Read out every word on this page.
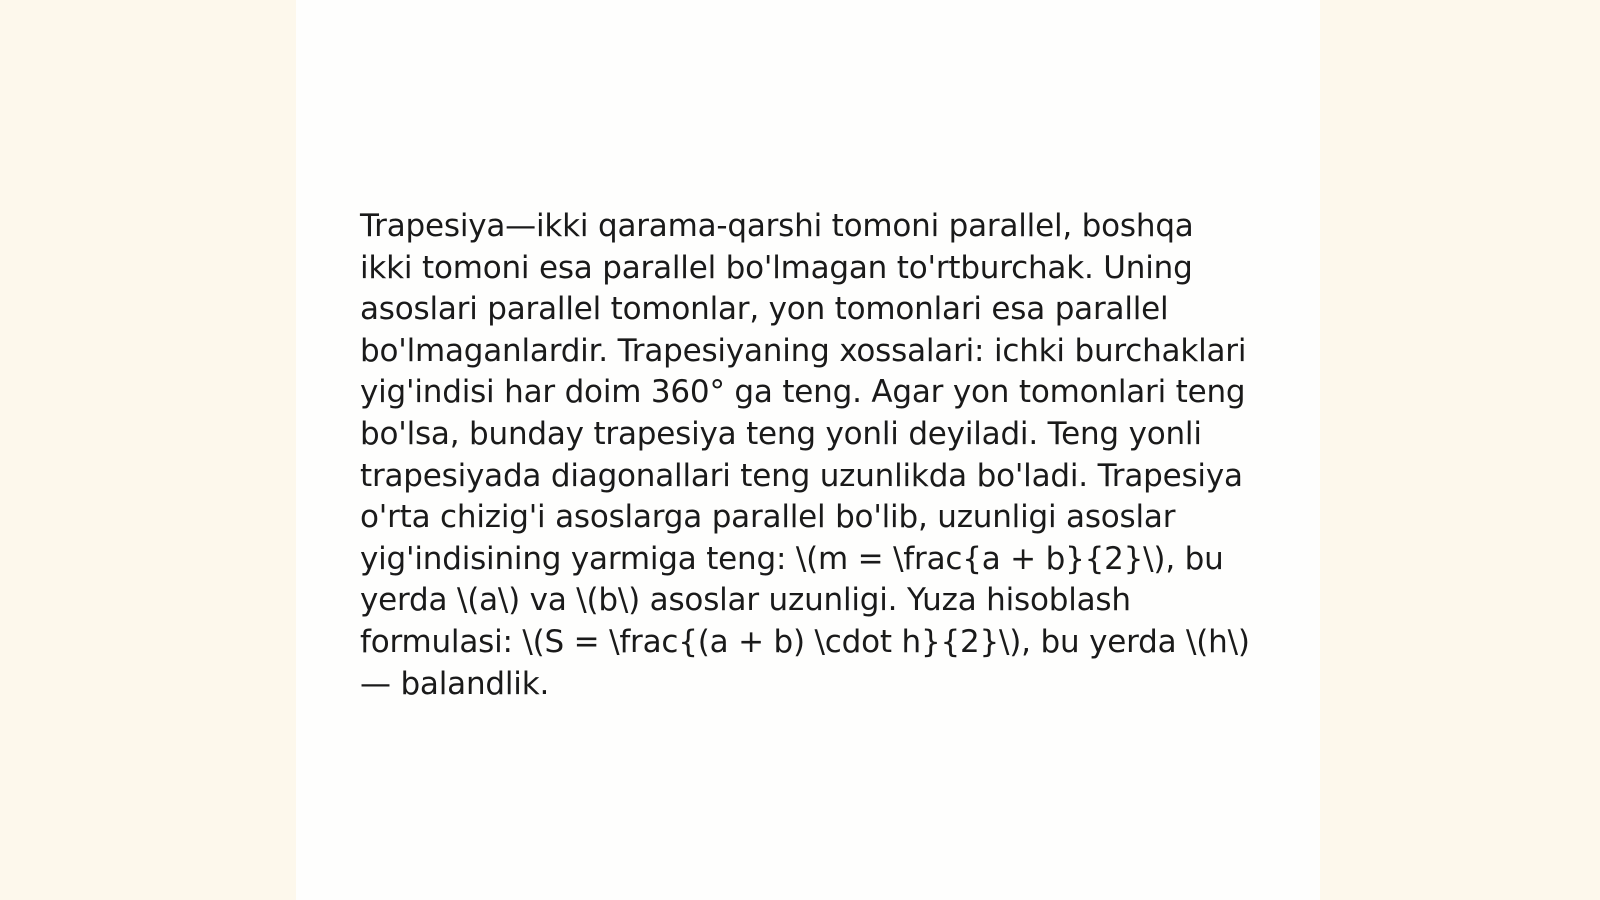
Trapesiya—ikki qarama-qarshi tomoni parallel, boshqa ikki tomoni esa parallel bo'lmagan to'rtburchak. Uning asoslari parallel tomonlar, yon tomonlari esa parallel bo'lmaganlardir. Trapesiyaning xossalari: ichki burchaklari yig'indisi har doim 360° ga teng. Agar yon tomonlari teng bo'lsa, bunday trapesiya teng yonli deyiladi. Teng yonli trapesiyada diagonallari teng uzunlikda bo'ladi. Trapesiya o'rta chizig'i asoslarga parallel bo'lib, uzunligi asoslar yig'indisining yarmiga teng: \(m = \frac{a + b}{2}\), bu yerda \(a\) va \(b\) asoslar uzunligi. Yuza hisoblash formulasi: \(S = \frac{(a + b) \cdot h}{2}\), bu yerda \(h\) — balandlik.
